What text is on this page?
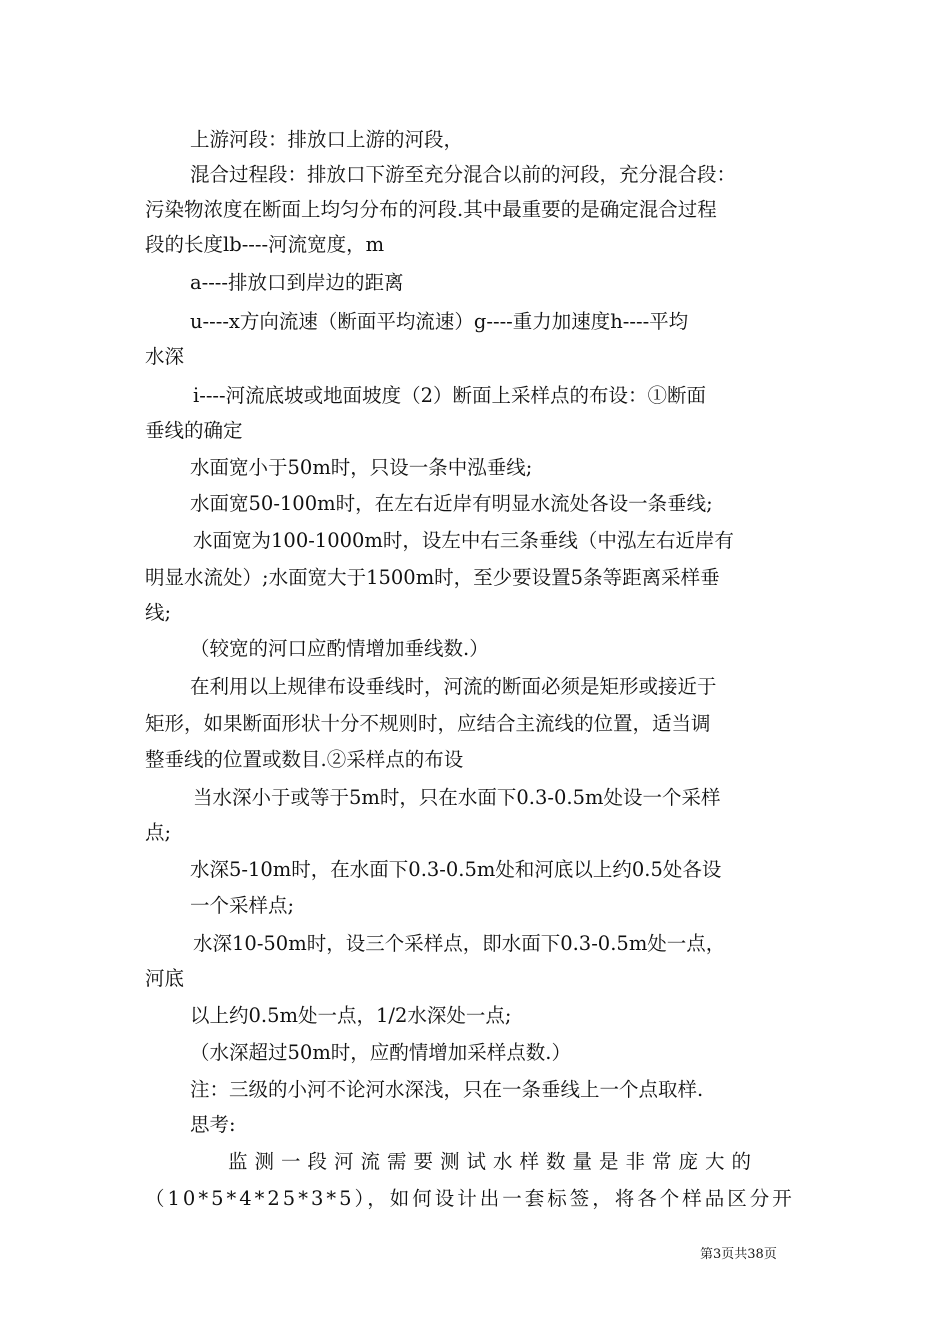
上游河段：排放口上游的河段，
混合过程段：排放口下游至充分混合以前的河段，充分混合段：
污染物浓度在断面上均匀分布的河段.其中最重要的是确定混合过程
段的长度lb----河流宽度，m
a----排放口到岸边的距离
u----x方向流速（断面平均流速）g----重力加速度h----平均
水深
i----河流底坡或地面坡度（2）断面上采样点的布设：①断面
垂线的确定
水面宽小于50m时，只设一条中泓垂线;
水面宽50-100m时，在左右近岸有明显水流处各设一条垂线;
水面宽为100-1000m时，设左中右三条垂线（中泓左右近岸有
明显水流处）;水面宽大于1500m时，至少要设置5条等距离采样垂
线;
（较宽的河口应酌情增加垂线数.）
在利用以上规律布设垂线时，河流的断面必须是矩形或接近于
矩形，如果断面形状十分不规则时，应结合主流线的位置，适当调
整垂线的位置或数目.②采样点的布设
当水深小于或等于5m时，只在水面下0.3-0.5m处设一个采样
点;
水深5-10m时，在水面下0.3-0.5m处和河底以上约0.5处各设
一个采样点;
水深10-50m时，设三个采样点，即水面下0.3-0.5m处一点，
河底
以上约0.5m处一点，1/2水深处一点;
（水深超过50m时，应酌情增加采样点数.）
注：三级的小河不论河水深浅，只在一条垂线上一个点取样.
思考:
监测一段河流需要测试水样数量是非常庞大的
（10*5*4*25*3*5），如何设计出一套标签，将各个样品区分开
第3页共38页
